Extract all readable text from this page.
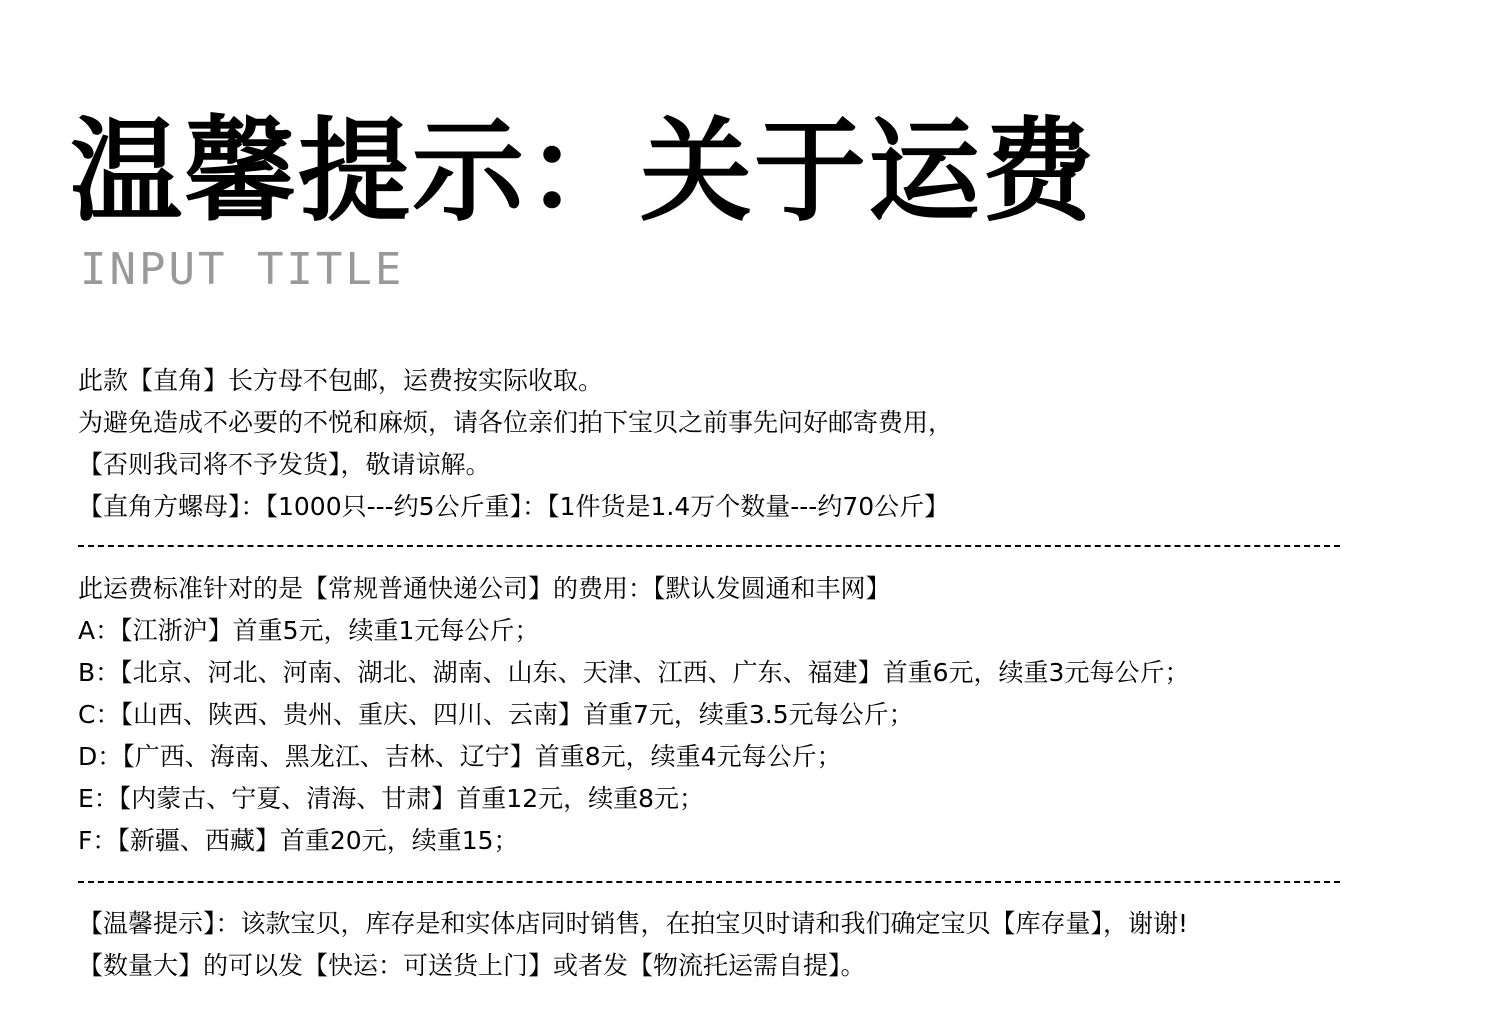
温馨提示：关于运费
INPUT TITLE
此款【直角】长方母不包邮，运费按实际收取。
为避免造成不必要的不悦和麻烦，请各位亲们拍下宝贝之前事先问好邮寄费用，
【否则我司将不予发货】，敬请谅解。
【直角方螺母】：【1000只---约5公斤重】：【1件货是1.4万个数量---约70公斤】
此运费标准针对的是【常规普通快递公司】的费用：【默认发圆通和丰网】
A：【江浙沪】首重5元，续重1元每公斤；
B：【北京、河北、河南、湖北、湖南、山东、天津、江西、广东、福建】首重6元，续重3元每公斤；
C：【山西、陕西、贵州、重庆、四川、云南】首重7元，续重3.5元每公斤；
D：【广西、海南、黑龙江、吉林、辽宁】首重8元，续重4元每公斤；
E：【内蒙古、宁夏、清海、甘肃】首重12元，续重8元；
F：【新疆、西藏】首重20元，续重15；
【温馨提示】：该款宝贝，库存是和实体店同时销售，在拍宝贝时请和我们确定宝贝【库存量】，谢谢!
【数量大】的可以发【快运：可送货上门】或者发【物流托运需自提】。
